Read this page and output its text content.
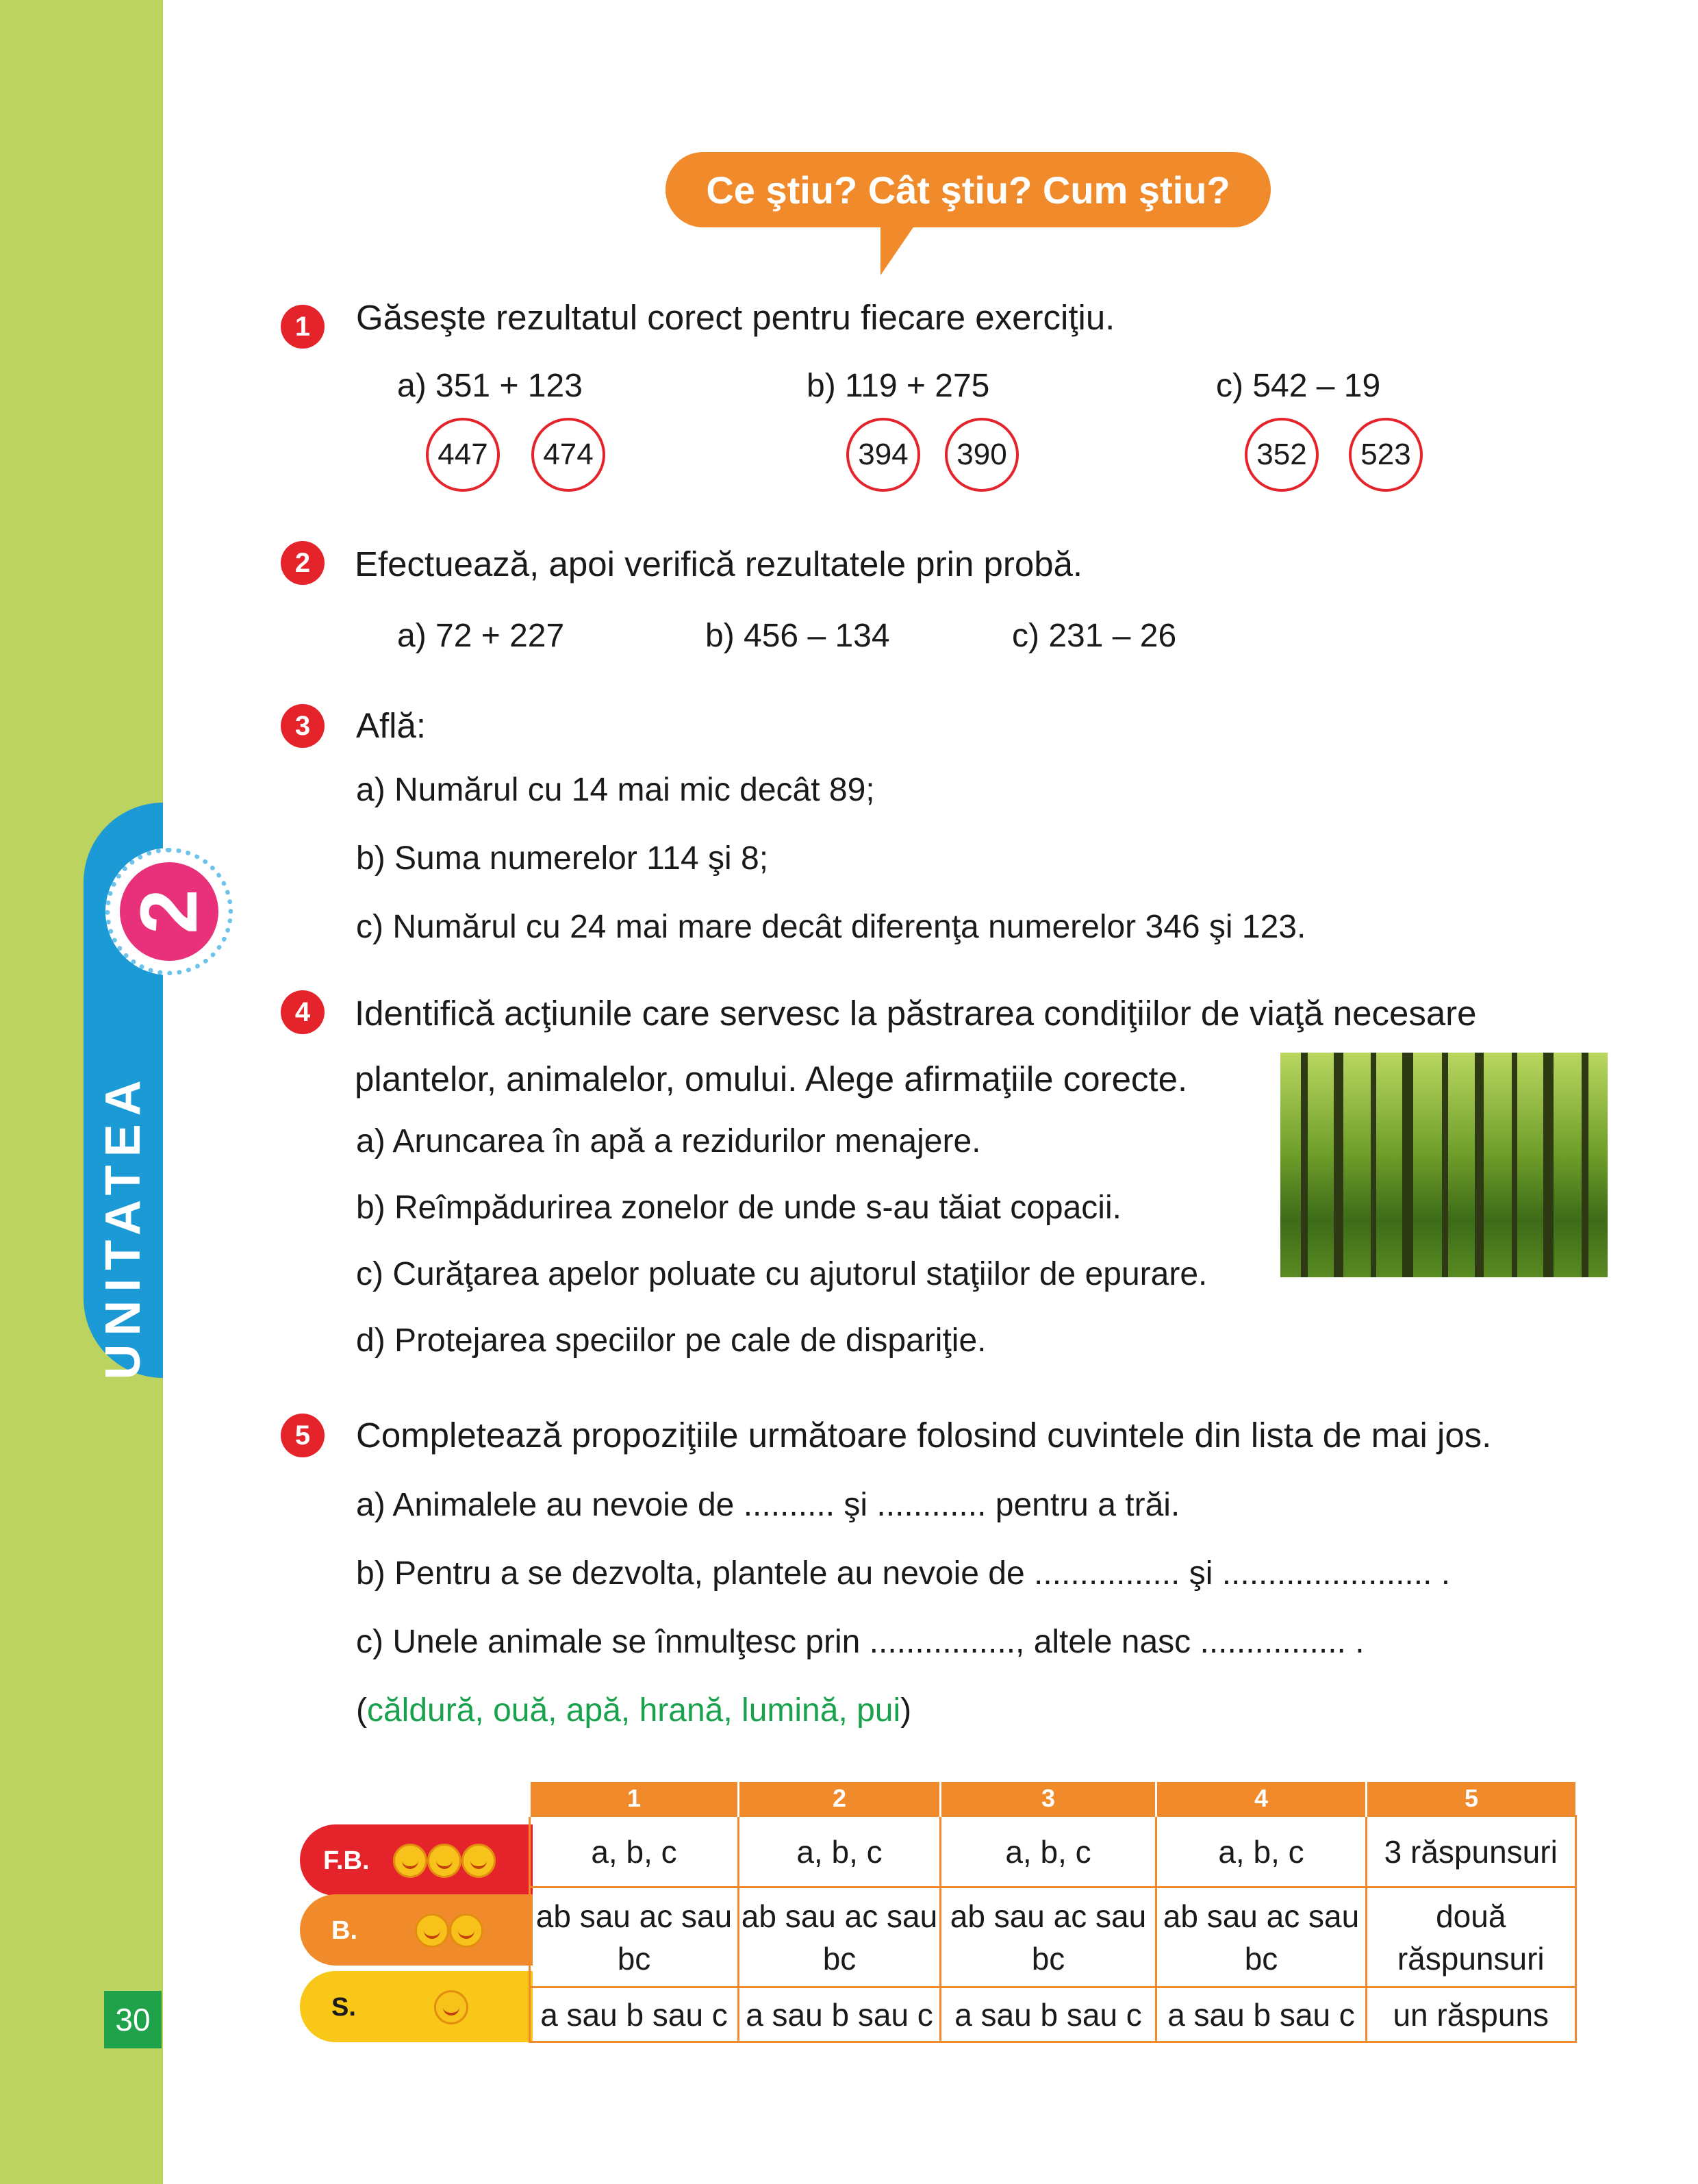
UNITATEA
2
30
Ce ştiu? Cât ştiu? Cum ştiu?
1	Găseşte rezultatul corect pentru fiecare exerciţiu.
a) 351 + 123	b) 119 + 275	c) 542 – 19
447	474	394	390	352	523
2	Efectuează, apoi verifică rezultatele prin probă.
a) 72 + 227	b) 456 – 134	c) 231 – 26
3	Află:
a) Numărul cu 14 mai mic decât 89;
b) Suma numerelor 114 şi 8;
c) Numărul cu 24 mai mare decât diferenţa numerelor 346 şi 123.
4	Identifică acţiunile care servesc la păstrarea condiţiilor de viaţă necesare
plantelor, animalelor, omului. Alege afirmaţiile corecte.
a) Aruncarea în apă a rezidurilor menajere.
b) Reîmpădurirea zonelor de unde s-au tăiat copacii.
c) Curăţarea apelor poluate cu ajutorul staţiilor de epurare.
d) Protejarea speciilor pe cale de dispariţie.
5	Completează propoziţiile următoare folosind cuvintele din lista de mai jos.
a) Animalele au nevoie de .......... şi ............ pentru a trăi.
b) Pentru a se dezvolta, plantele au nevoie de ................ şi ....................... .
c) Unele animale se înmulţesc prin ................, altele nasc ................ .
(căldură, ouă, apă, hrană, lumină, pui)
F.B.
B.
S.
1	2	3	4	5
a, b, c	a, b, c	a, b, c	a, b, c	3 răspunsuri
ab sau ac sau bc	ab sau ac sau bc	ab sau ac sau bc	ab sau ac sau bc	două răspunsuri
a sau b sau c	a sau b sau c	a sau b sau c	a sau b sau c	un răspuns
